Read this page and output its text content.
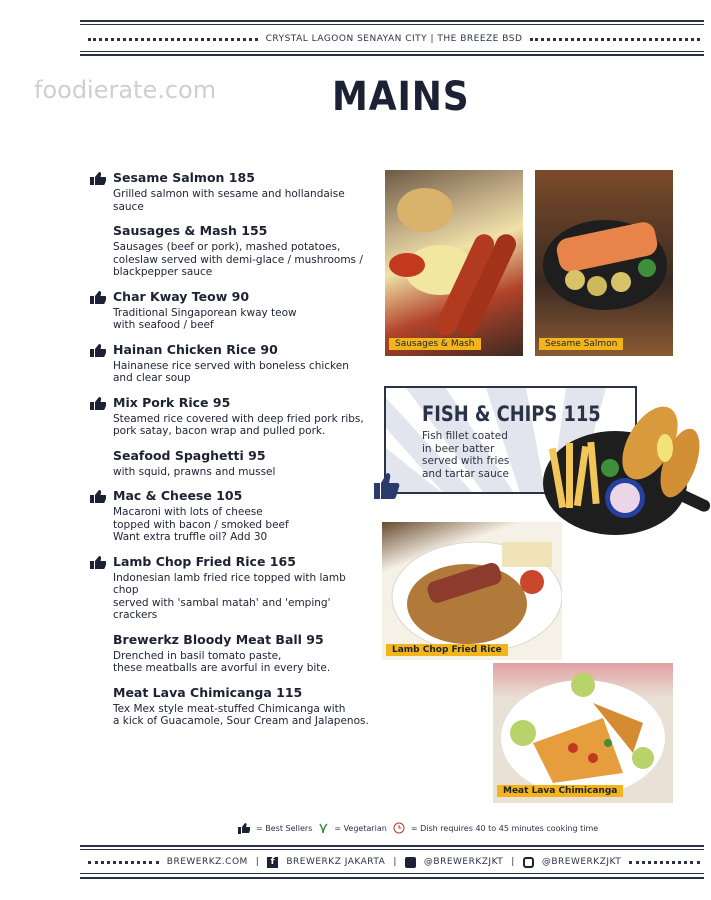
CRYSTAL LAGOON SENAYAN CITY | THE BREEZE BSD
foodierate.com	MAINS
Sesame Salmon 185
Grilled salmon with sesame and hollandaise sauce
Sausages & Mash 155
Sausages (beef or pork), mashed potatoes,
coleslaw served with demi-glace / mushrooms /
blackpepper sauce
Char Kway Teow 90
Traditional Singaporean kway teow
with seafood / beef
Hainan Chicken Rice 90
Hainanese rice served with boneless chicken
and clear soup
Mix Pork Rice 95
Steamed rice covered with deep fried pork ribs,
pork satay, bacon wrap and pulled pork.
Seafood Spaghetti 95
with squid, prawns and mussel
Mac & Cheese 105
Macaroni with lots of cheese
topped with bacon / smoked beef
Want extra truffle oil? Add 30
Lamb Chop Fried Rice 165
Indonesian lamb fried rice topped with lamb chop
served with 'sambal matah' and 'emping' crackers
Brewerkz Bloody Meat Ball 95
Drenched in basil tomato paste,
these meatballs are avorful in every bite.
Meat Lava Chimicanga 115
Tex Mex style meat-stuffed Chimicanga with
a kick of Guacamole, Sour Cream and Jalapenos.
Sausages & Mash	Sesame Salmon
FISH & CHIPS 115
Fish fillet coated
in beer batter
served with fries
and tartar sauce
Lamb Chop Fried Rice
Meat Lava Chimicanga
= Best Sellers	= Vegetarian	= Dish requires 40 to 45 minutes cooking time
BREWERKZ.COM |	f	BREWERKZ JAKARTA |	@BREWERKZJKT |	@BREWERKZJKT
